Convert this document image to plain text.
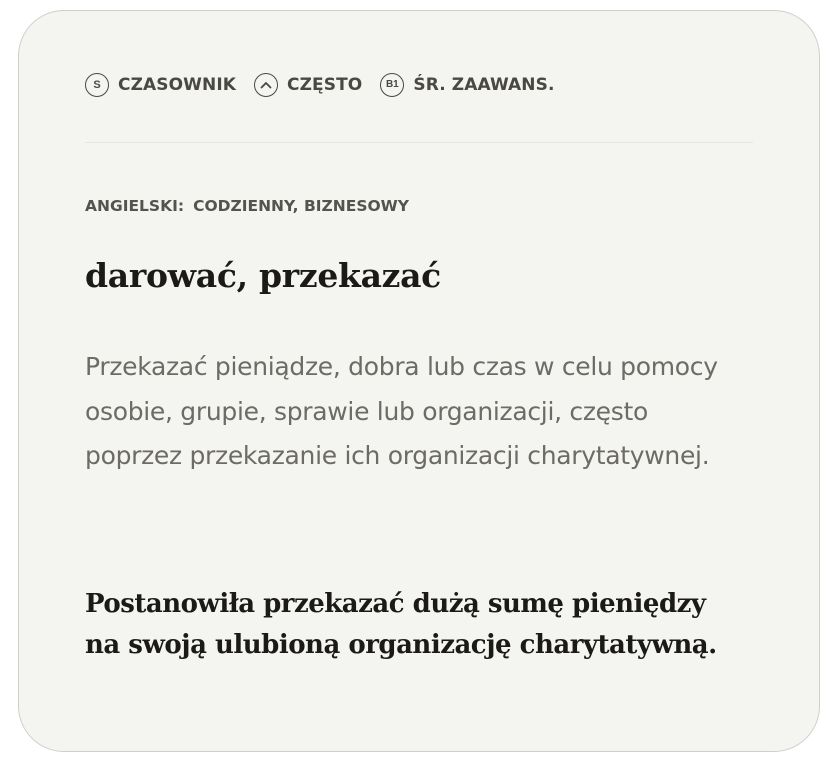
S	CZASOWNIK	CZĘSTO	B1 ŚR. ZAAWANS.
ANGIELSKI: CODZIENNY, BIZNESOWY
darować, przekazać
Przekazać pieniądze, dobra lub czas w celu pomocy osobie, grupie, sprawie lub organizacji, często poprzez przekazanie ich organizacji charytatywnej.
Postanowiła przekazać dużą sumę pieniędzy na swoją ulubioną organizację charytatywną.
